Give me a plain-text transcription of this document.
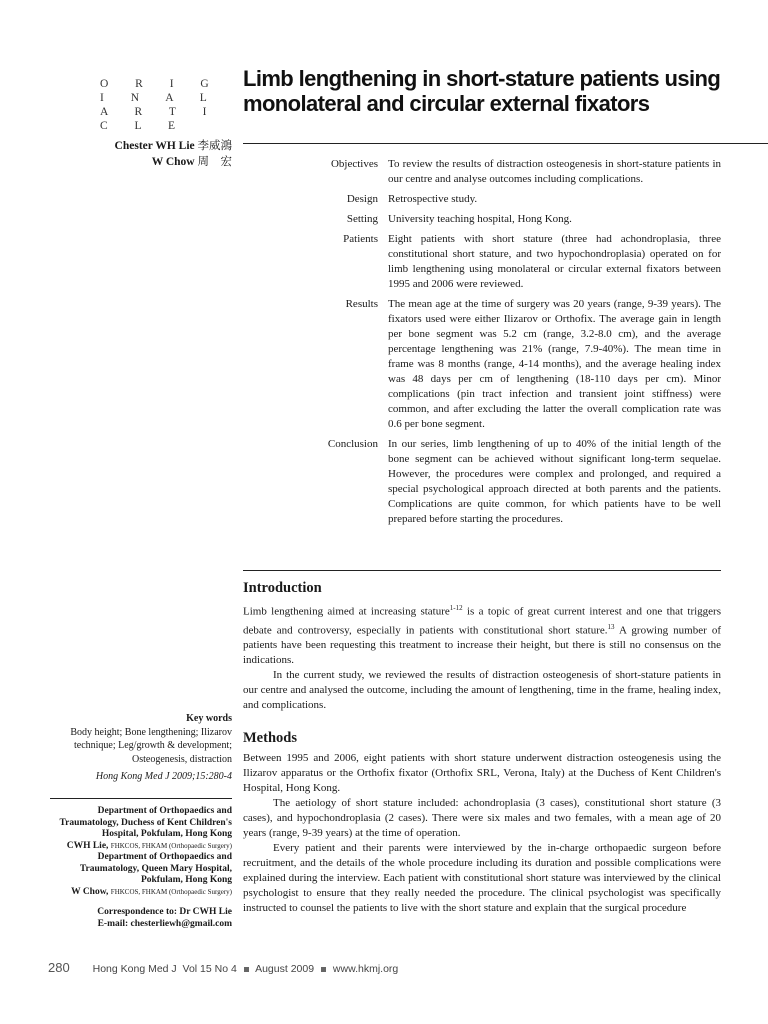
O R I G I N A L
A R T I C L E
Limb lengthening in short-stature patients using monolateral and circular external fixators
Chester WH Lie 李威鴻
W Chow 周　宏	Objectives To review the results of distraction osteogenesis in short-stature patients in our centre and analyse outcomes including complications.
Design Retrospective study.
Setting University teaching hospital, Hong Kong.
Patients Eight patients with short stature (three had achondroplasia, three constitutional short stature, and two hypochondroplasia) operated on for limb lengthening using monolateral or circular external fixators between 1995 and 2006 were reviewed.
Results The mean age at the time of surgery was 20 years (range, 9-39 years). The fixators used were either Ilizarov or Orthofix. The average gain in length per bone segment was 5.2 cm (range, 3.2-8.0 cm), and the average percentage lengthening was 21% (range, 7.9-40%). The mean time in frame was 8 months (range, 4-14 months), and the average healing index was 48 days per cm of lengthening (18-110 days per cm). Minor complications (pin tract infection and transient joint stiffness) were common, and after excluding the latter the overall complication rate was 0.6 per bone segment.
Conclusion In our series, limb lengthening of up to 40% of the initial length of the bone segment can be achieved without significant long-term sequelae. However, the procedures were complex and prolonged, and required a special psychological approach directed at both parents and the patients. Complications are quite common, for which patients have to be well prepared before starting the procedures.
Introduction

Limb lengthening aimed at increasing stature$^{1-12}$ is a topic of great current interest and one that triggers debate and controversy, especially in patients with constitutional short stature.$^{13}$ A growing number of patients have been requesting this treatment to increase their height, but there is still no consensus on the indications.

In the current study, we reviewed the results of distraction osteogenesis of short-stature patients in our centre and analysed the outcome, including the amount of lengthening, time in the frame, healing index, and complications.

Methods

Between 1995 and 2006, eight patients with short stature underwent distraction osteogenesis using the Ilizarov apparatus or the Orthofix fixator (Orthofix SRL, Verona, Italy) at the Duchess of Kent Children's Hospital, Hong Kong.

The aetiology of short stature included: achondroplasia (3 cases), constitutional short stature (3 cases), and hypochondroplasia (2 cases). There were six males and two females, with a mean age of 20 years (range, 9-39 years) at the time of operation.

Every patient and their parents were interviewed by the in-charge orthopaedic surgeon before recruitment, and the details of the whole procedure including its duration and possible complications were explained during the interview. Each patient with constitutional short stature was interviewed by the clinical psychologist to ensure that they really needed the procedure. The clinical psychologist was specifically instructed to counsel the patients to live with the short stature and explain that the surgical procedure

Key words
Body height; Bone lengthening; Ilizarov technique; Leg/growth & development; Osteogenesis, distraction
Hong Kong Med J 2009;15:280-4
Department of Orthopaedics and Traumatology, Duchess of Kent Children's Hospital, Pokfulam, Hong Kong
CWH Lie, FHKCOS, FHKAM (Orthopaedic Surgery)
Department of Orthopaedics and Traumatology, Queen Mary Hospital, Pokfulam, Hong Kong
W Chow, FHKCOS, FHKAM (Orthopaedic Surgery)
Correspondence to: Dr CWH Lie
E-mail: chesterliewh@gmail.com
280 Hong Kong Med J Vol 15 No 4 August 2009 www.hkmj.org
